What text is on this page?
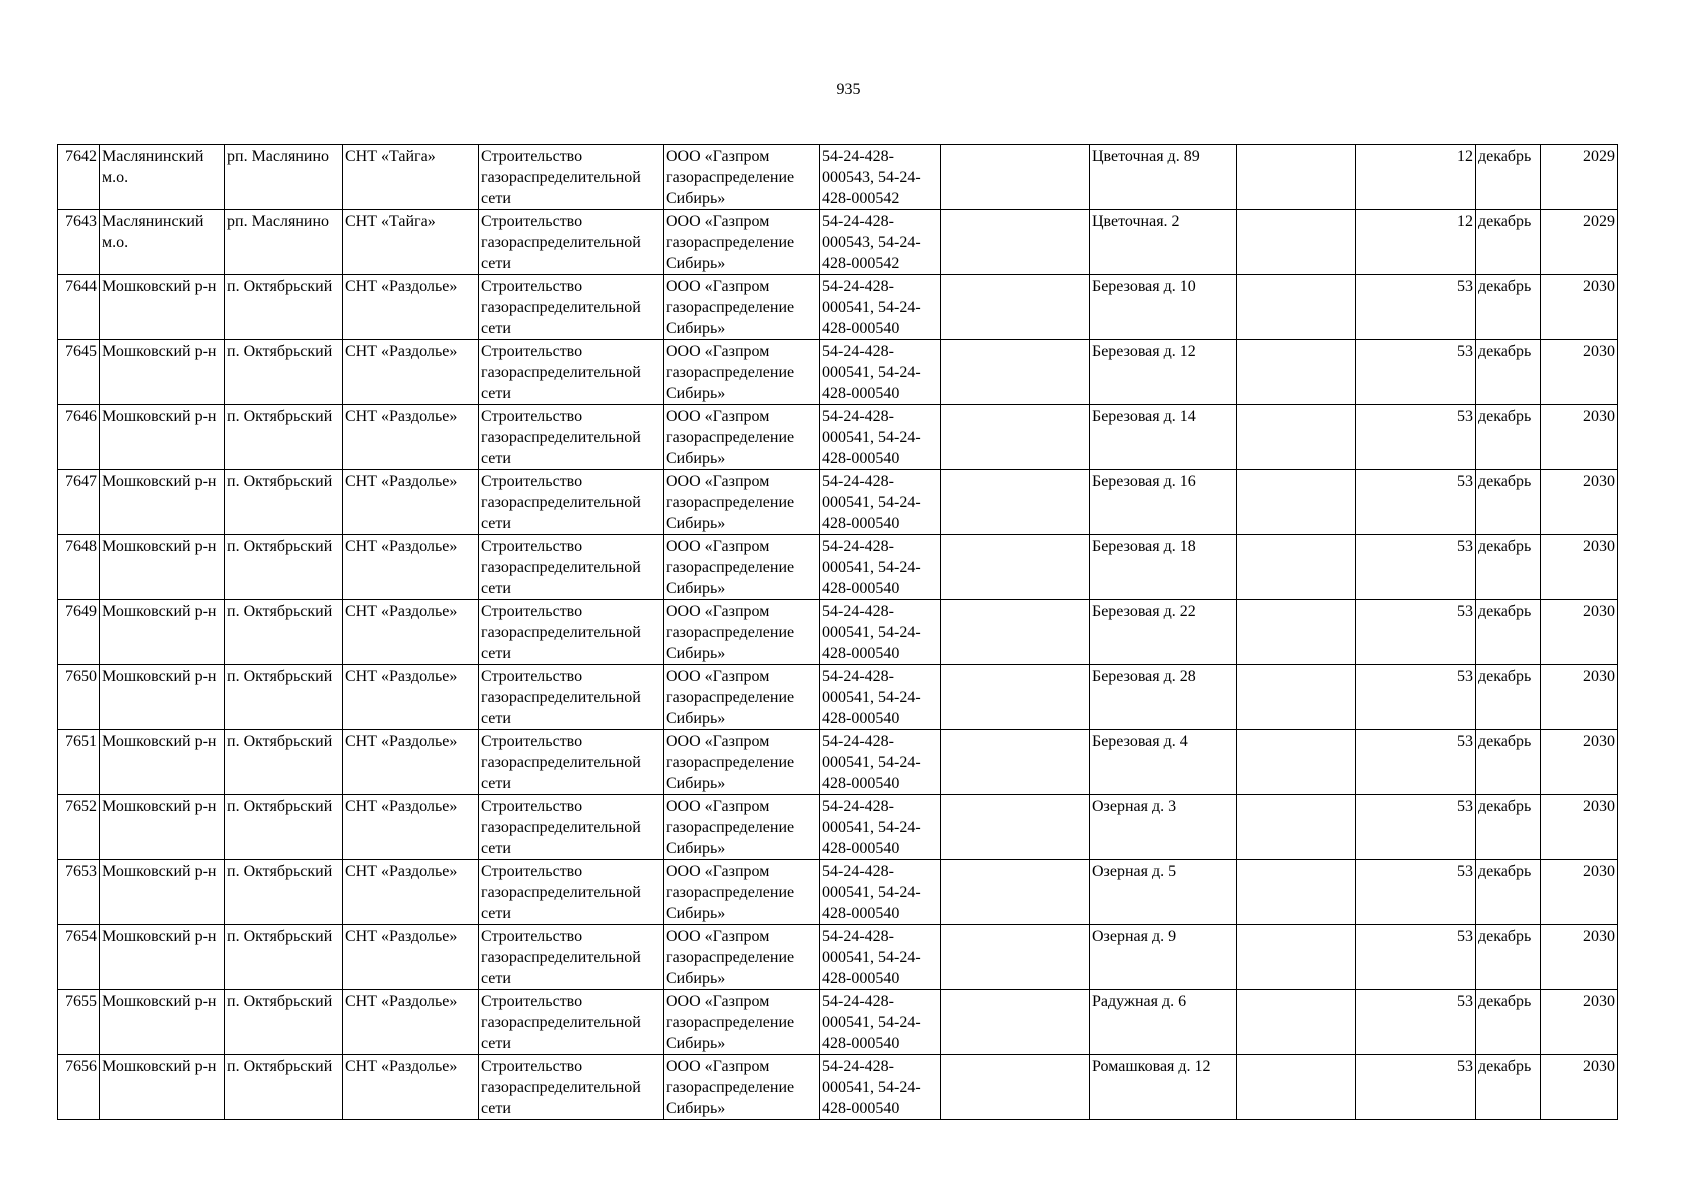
935
7642	Маслянинский м.о.	рп. Маслянино	СНТ «Тайга»	Строительство газораспределительной сети	ООО «Газпром газораспределение Сибирь»	54-24-428-000543, 54-24-428-000542		Цветочная д. 89		12	декабрь	2029
7643	Маслянинский м.о.	рп. Маслянино	СНТ «Тайга»	Строительство газораспределительной сети	ООО «Газпром газораспределение Сибирь»	54-24-428-000543, 54-24-428-000542		Цветочная. 2		12	декабрь	2029
7644	Мошковский р-н	п. Октябрьский	СНТ «Раздолье»	Строительство газораспределительной сети	ООО «Газпром газораспределение Сибирь»	54-24-428-000541, 54-24-428-000540		Березовая д. 10		53	декабрь	2030
7645	Мошковский р-н	п. Октябрьский	СНТ «Раздолье»	Строительство газораспределительной сети	ООО «Газпром газораспределение Сибирь»	54-24-428-000541, 54-24-428-000540		Березовая д. 12		53	декабрь	2030
7646	Мошковский р-н	п. Октябрьский	СНТ «Раздолье»	Строительство газораспределительной сети	ООО «Газпром газораспределение Сибирь»	54-24-428-000541, 54-24-428-000540		Березовая д. 14		53	декабрь	2030
7647	Мошковский р-н	п. Октябрьский	СНТ «Раздолье»	Строительство газораспределительной сети	ООО «Газпром газораспределение Сибирь»	54-24-428-000541, 54-24-428-000540		Березовая д. 16		53	декабрь	2030
7648	Мошковский р-н	п. Октябрьский	СНТ «Раздолье»	Строительство газораспределительной сети	ООО «Газпром газораспределение Сибирь»	54-24-428-000541, 54-24-428-000540		Березовая д. 18		53	декабрь	2030
7649	Мошковский р-н	п. Октябрьский	СНТ «Раздолье»	Строительство газораспределительной сети	ООО «Газпром газораспределение Сибирь»	54-24-428-000541, 54-24-428-000540		Березовая д. 22		53	декабрь	2030
7650	Мошковский р-н	п. Октябрьский	СНТ «Раздолье»	Строительство газораспределительной сети	ООО «Газпром газораспределение Сибирь»	54-24-428-000541, 54-24-428-000540		Березовая д. 28		53	декабрь	2030
7651	Мошковский р-н	п. Октябрьский	СНТ «Раздолье»	Строительство газораспределительной сети	ООО «Газпром газораспределение Сибирь»	54-24-428-000541, 54-24-428-000540		Березовая д. 4		53	декабрь	2030
7652	Мошковский р-н	п. Октябрьский	СНТ «Раздолье»	Строительство газораспределительной сети	ООО «Газпром газораспределение Сибирь»	54-24-428-000541, 54-24-428-000540		Озерная д. 3		53	декабрь	2030
7653	Мошковский р-н	п. Октябрьский	СНТ «Раздолье»	Строительство газораспределительной сети	ООО «Газпром газораспределение Сибирь»	54-24-428-000541, 54-24-428-000540		Озерная д. 5		53	декабрь	2030
7654	Мошковский р-н	п. Октябрьский	СНТ «Раздолье»	Строительство газораспределительной сети	ООО «Газпром газораспределение Сибирь»	54-24-428-000541, 54-24-428-000540		Озерная д. 9		53	декабрь	2030
7655	Мошковский р-н	п. Октябрьский	СНТ «Раздолье»	Строительство газораспределительной сети	ООО «Газпром газораспределение Сибирь»	54-24-428-000541, 54-24-428-000540		Радужная д. 6		53	декабрь	2030
7656	Мошковский р-н	п. Октябрьский	СНТ «Раздолье»	Строительство газораспределительной сети	ООО «Газпром газораспределение Сибирь»	54-24-428-000541, 54-24-428-000540		Ромашковая д. 12		53	декабрь	2030
